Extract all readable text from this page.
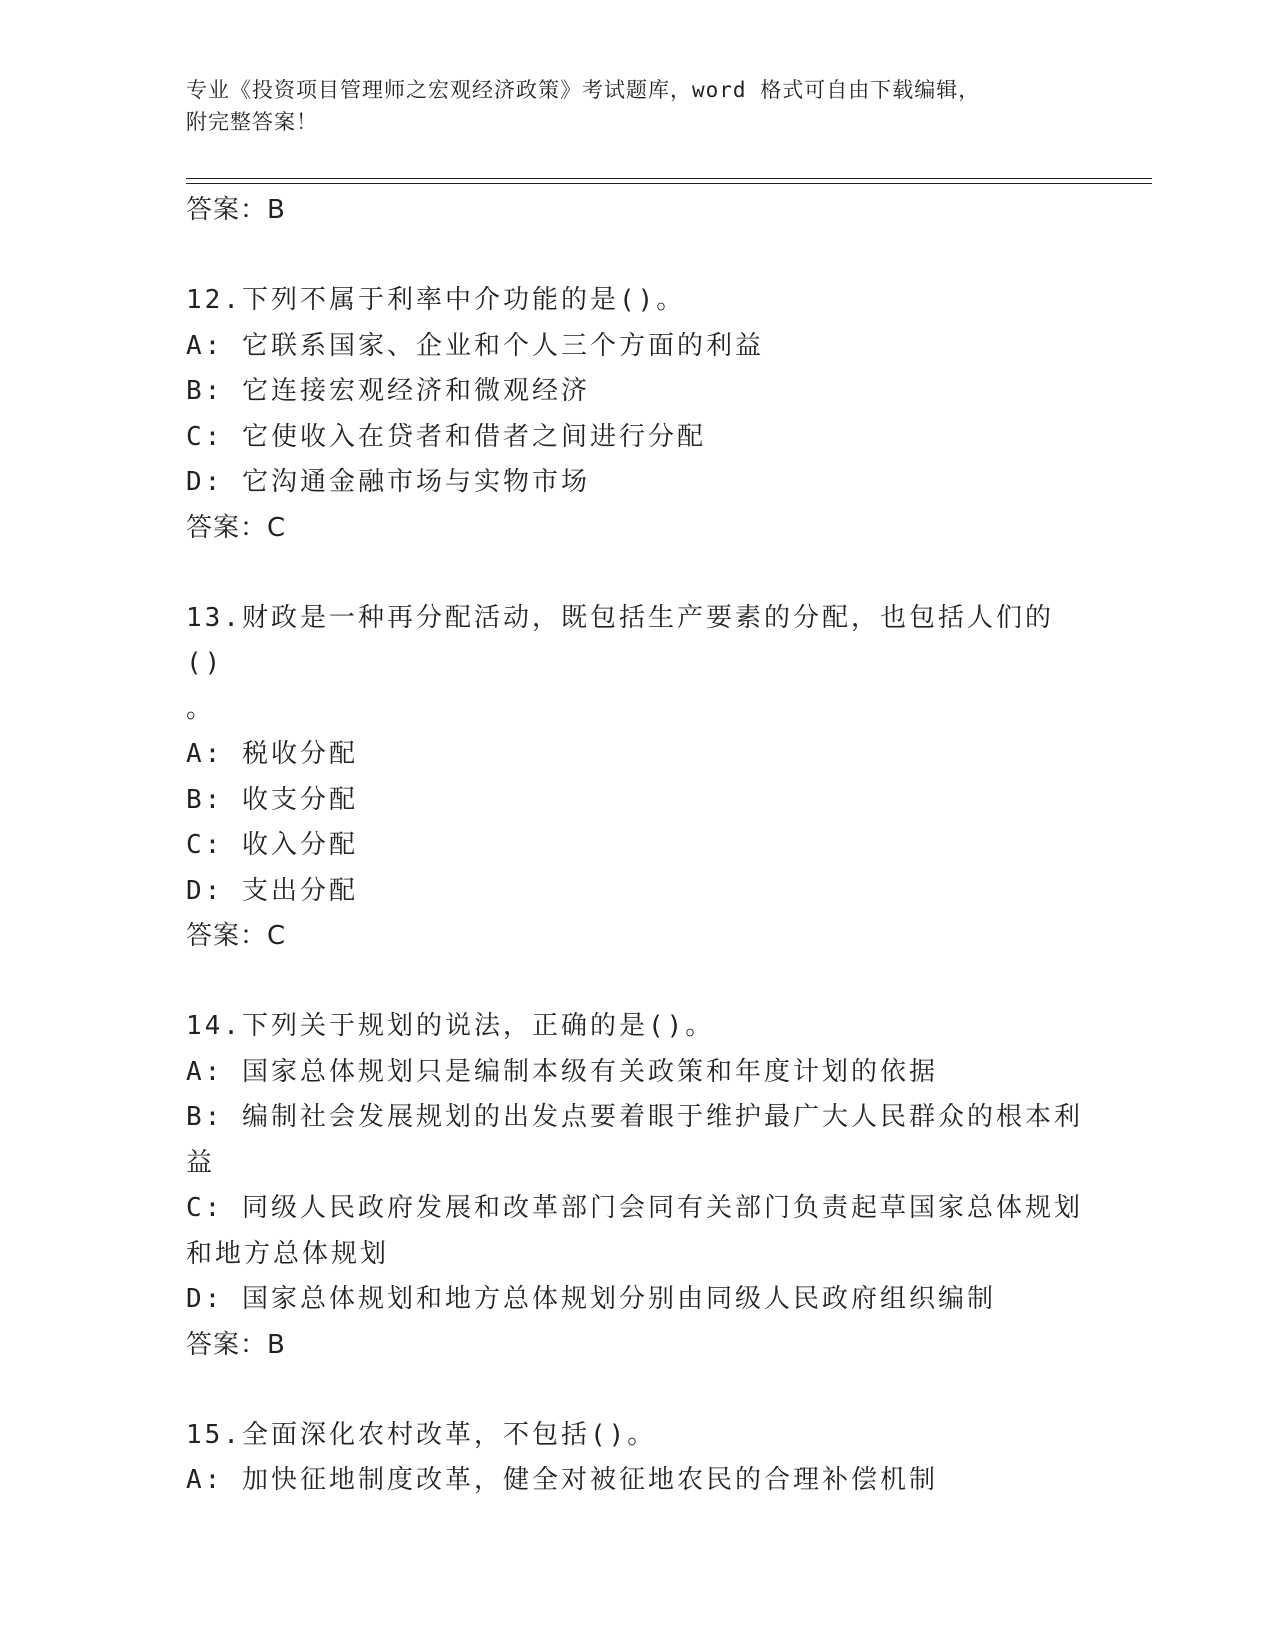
专业《投资项目管理师之宏观经济政策》考试题库，word 格式可自由下载编辑，
附完整答案！

答案：B

12.下列不属于利率中介功能的是()。

A: 它联系国家、企业和个人三个方面的利益

B: 它连接宏观经济和微观经济

C: 它使收入在贷者和借者之间进行分配

D: 它沟通金融市场与实物市场

答案：C

13.财政是一种再分配活动，既包括生产要素的分配，也包括人们的()

。

A: 税收分配

B: 收支分配

C: 收入分配

D: 支出分配

答案：C

14.下列关于规划的说法，正确的是()。

A: 国家总体规划只是编制本级有关政策和年度计划的依据

B: 编制社会发展规划的出发点要着眼于维护最广大人民群众的根本利

益

C: 同级人民政府发展和改革部门会同有关部门负责起草国家总体规划

和地方总体规划

D: 国家总体规划和地方总体规划分别由同级人民政府组织编制

答案：B

15.全面深化农村改革，不包括()。

A: 加快征地制度改革，健全对被征地农民的合理补偿机制
